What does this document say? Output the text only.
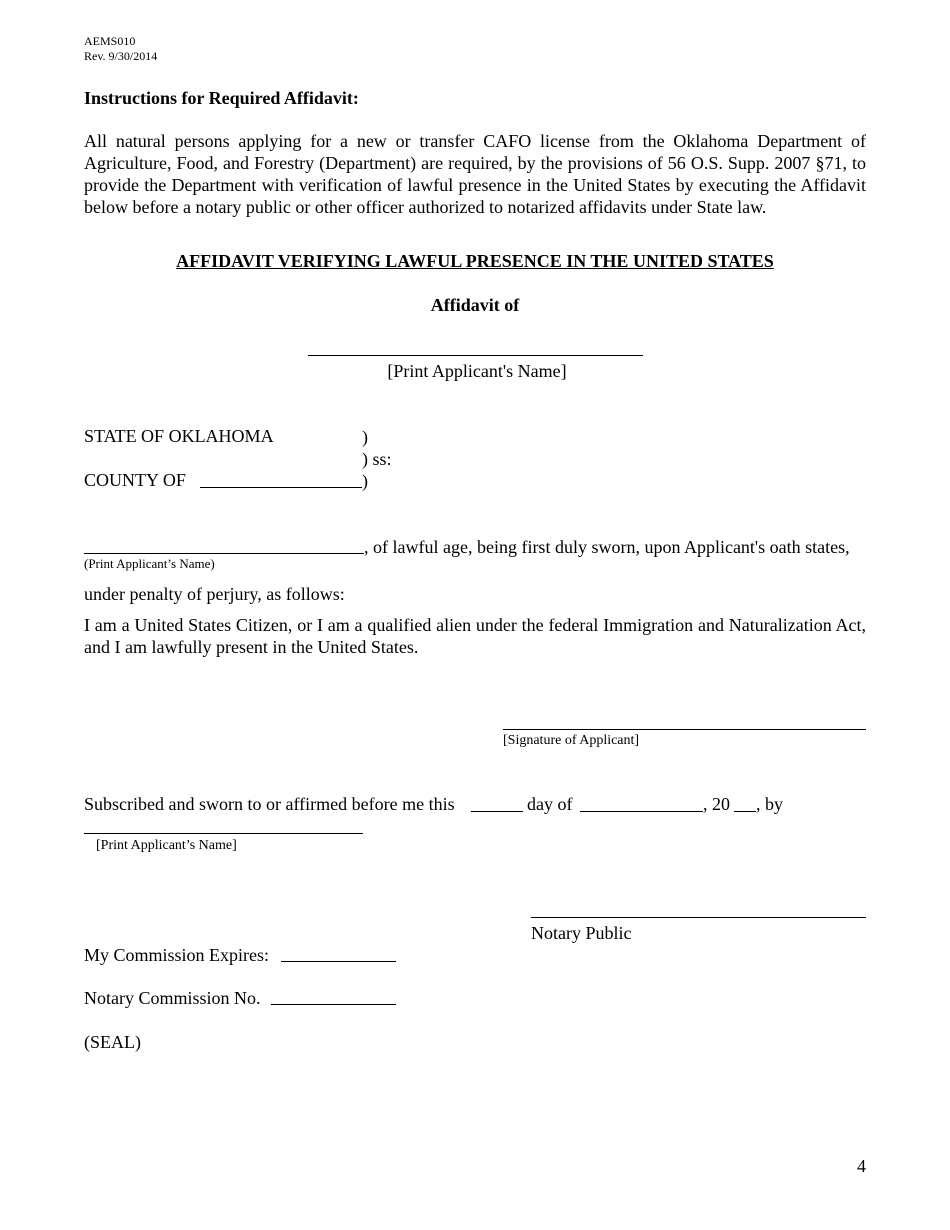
AEMS010
Rev. 9/30/2014
Instructions for Required Affidavit:
All natural persons applying for a new or transfer CAFO license from the Oklahoma Department of Agriculture, Food, and Forestry (Department) are required, by the provisions of 56 O.S. Supp. 2007 §71, to provide the Department with verification of lawful presence in the United States by executing the Affidavit below before a notary public or other officer authorized to notarized affidavits under State law.
AFFIDAVIT VERIFYING LAWFUL PRESENCE IN THE UNITED STATES
Affidavit of
[Print Applicant's Name]
STATE OF OKLAHOMA	)
) ss:
COUNTY OF	)
, of lawful age, being first duly sworn, upon Applicant's oath states,
(Print Applicant’s Name)
under penalty of perjury, as follows:
I am a United States Citizen, or I am a qualified alien under the federal Immigration and Naturalization Act, and I am lawfully present in the United States.
[Signature of Applicant]
Subscribed and sworn to or affirmed before me this	day of	, 20 , by
[Print Applicant’s Name]
Notary Public
My Commission Expires:
Notary Commission No.
(SEAL)
4
